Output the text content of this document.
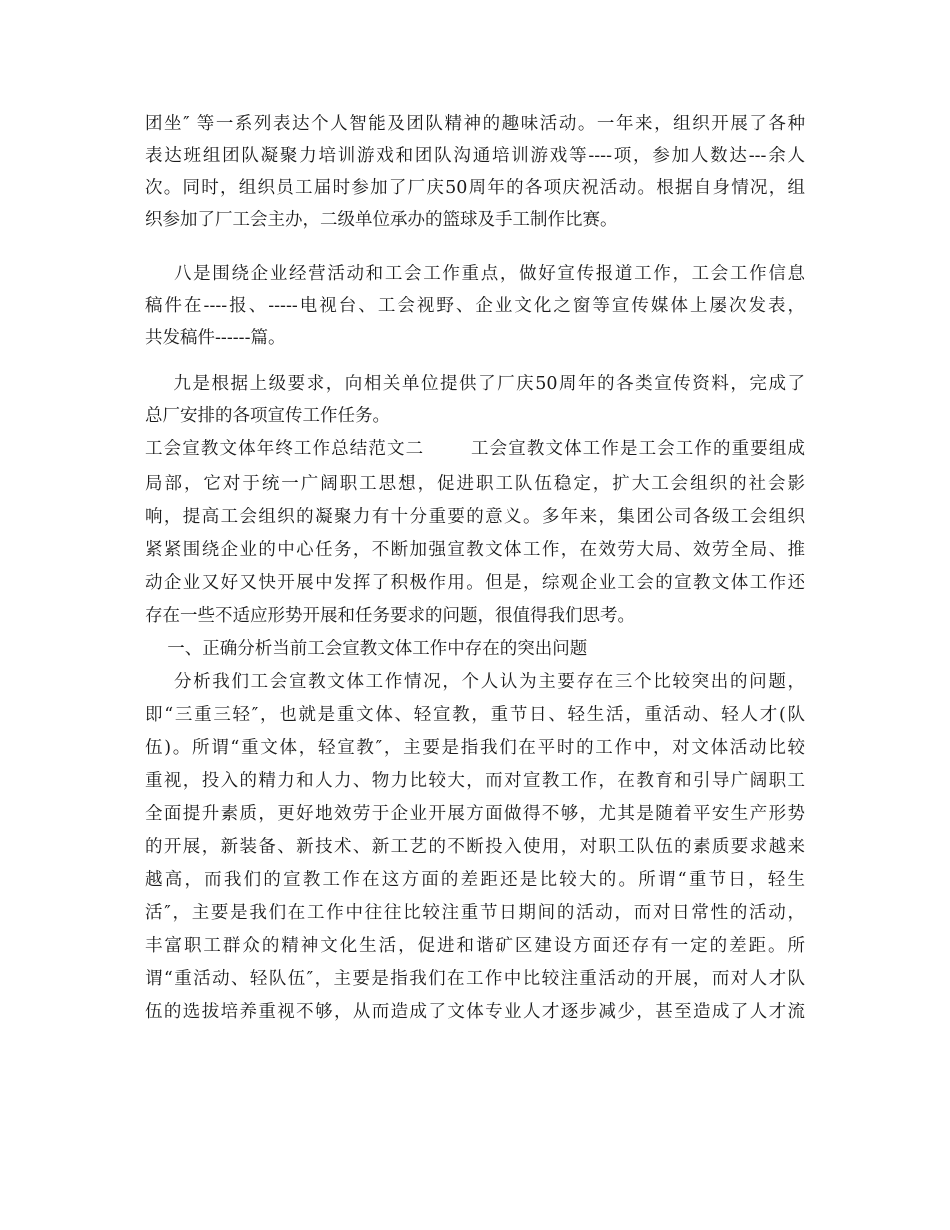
团坐″ 等一系列表达个人智能及团队精神的趣味活动。一年来，组织开展了各种
表达班组团队凝聚力培训游戏和团队沟通培训游戏等----项，参加人数达---余人
次。同时，组织员工届时参加了厂庆50周年的各项庆祝活动。根据自身情况，组
织参加了厂工会主办，二级单位承办的篮球及手工制作比赛。
八是围绕企业经营活动和工会工作重点，做好宣传报道工作，工会工作信息
稿件在----报、-----电视台、工会视野、企业文化之窗等宣传媒体上屡次发表，
共发稿件------篇。
九是根据上级要求，向相关单位提供了厂庆50周年的各类宣传资料，完成了
总厂安排的各项宣传工作任务。
工会宣教文体年终工作总结范文二       工会宣教文体工作是工会工作的重要组成
局部，它对于统一广阔职工思想，促进职工队伍稳定，扩大工会组织的社会影
响，提高工会组织的凝聚力有十分重要的意义。多年来，集团公司各级工会组织
紧紧围绕企业的中心任务，不断加强宣教文体工作，在效劳大局、效劳全局、推
动企业又好又快开展中发挥了积极作用。但是，综观企业工会的宣教文体工作还
存在一些不适应形势开展和任务要求的问题，很值得我们思考。
一、正确分析当前工会宣教文体工作中存在的突出问题
分析我们工会宣教文体工作情况，个人认为主要存在三个比较突出的问题，
即“三重三轻″，也就是重文体、轻宣教，重节日、轻生活，重活动、轻人才(队
伍)。所谓“重文体，轻宣教″，主要是指我们在平时的工作中，对文体活动比较
重视，投入的精力和人力、物力比较大，而对宣教工作，在教育和引导广阔职工
全面提升素质，更好地效劳于企业开展方面做得不够，尤其是随着平安生产形势
的开展，新装备、新技术、新工艺的不断投入使用，对职工队伍的素质要求越来
越高，而我们的宣教工作在这方面的差距还是比较大的。所谓“重节日，轻生
活″，主要是我们在工作中往往比较注重节日期间的活动，而对日常性的活动，
丰富职工群众的精神文化生活，促进和谐矿区建设方面还存有一定的差距。所
谓“重活动、轻队伍″，主要是指我们在工作中比较注重活动的开展，而对人才队
伍的选拔培养重视不够，从而造成了文体专业人才逐步减少，甚至造成了人才流
